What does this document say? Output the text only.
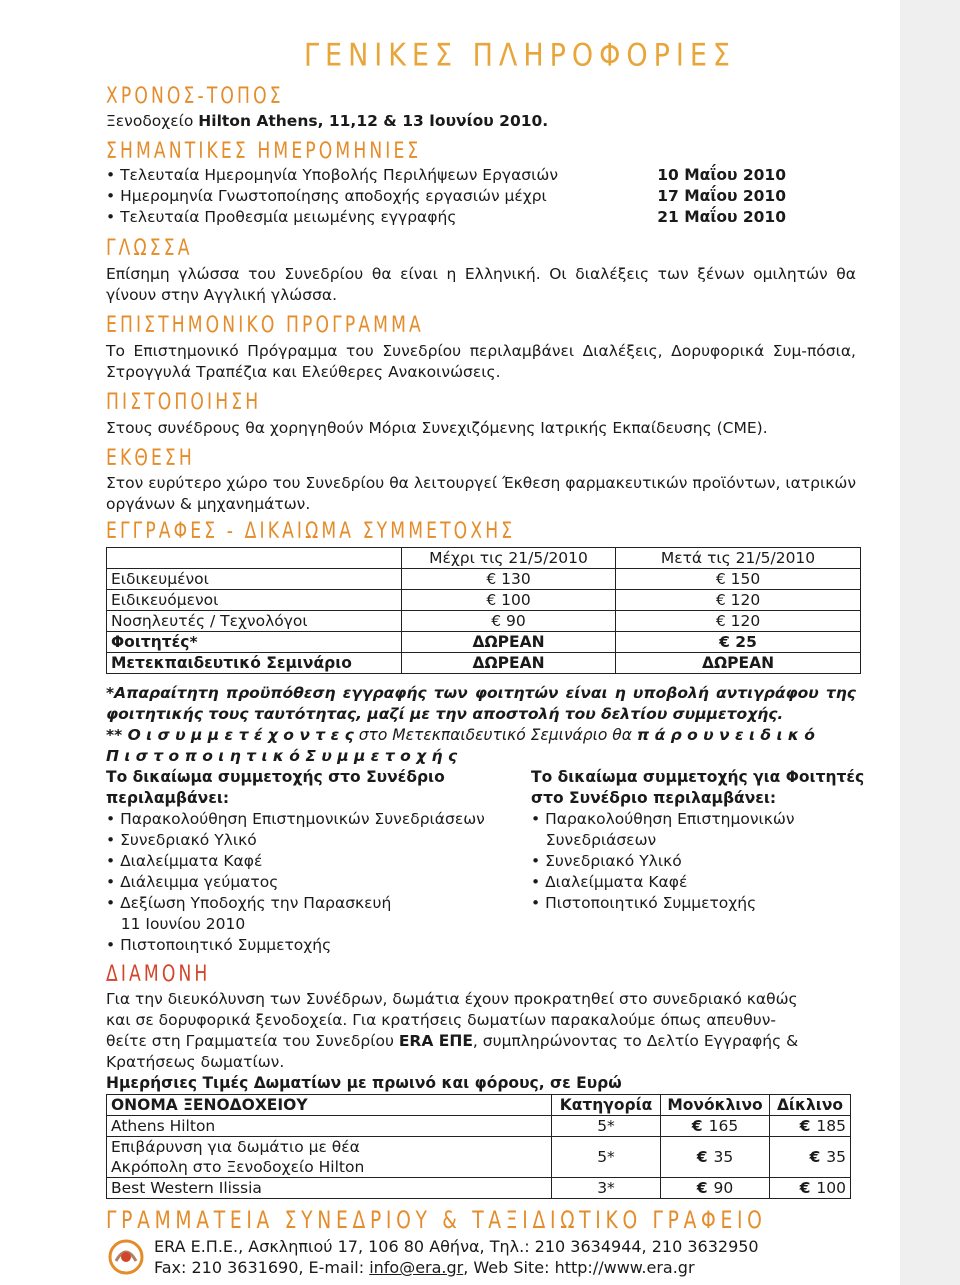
ΓΕΝΙΚΕΣ ΠΛΗΡΟΦΟΡΙΕΣ
ΧΡΟΝΟΣ-ΤΟΠΟΣ
Ξενοδοχείο Hilton Athens, 11,12 & 13 Ιουνίου 2010.
ΣΗΜΑΝΤΙΚΕΣ ΗΜΕΡΟΜΗΝΙΕΣ
• Τελευταία Ημερομηνία Υποβολής Περιλήψεων Εργασιών	10 Μαΐου 2010
• Ημερομηνία Γνωστοποίησης αποδοχής εργασιών μέχρι	17 Μαΐου 2010
• Τελευταία Προθεσμία μειωμένης εγγραφής	21 Μαΐου 2010
ΓΛΩΣΣΑ
Επίσημη γλώσσα του Συνεδρίου θα είναι η Ελληνική. Οι διαλέξεις των ξένων ομιλητών θα γίνουν στην Αγγλική γλώσσα.
ΕΠΙΣΤΗΜΟΝΙΚΟ ΠΡΟΓΡΑΜΜΑ
Το Επιστημονικό Πρόγραμμα του Συνεδρίου περιλαμβάνει Διαλέξεις, Δορυφορικά Συμ-πόσια, Στρογγυλά Τραπέζια και Ελεύθερες Ανακοινώσεις.
ΠΙΣΤΟΠΟΙΗΣΗ
Στους συνέδρους θα χορηγηθούν Μόρια Συνεχιζόμενης Ιατρικής Εκπαίδευσης (CME).
ΕΚΘΕΣΗ
Στον ευρύτερο χώρο του Συνεδρίου θα λειτουργεί Έκθεση φαρμακευτικών προϊόντων, ιατρικών οργάνων & μηχανημάτων.
ΕΓΓΡΑΦΕΣ - ΔΙΚΑΙΩΜΑ ΣΥΜΜΕΤΟΧΗΣ
	Μέχρι τις 21/5/2010	Μετά τις 21/5/2010
Ειδικευμένοι	€ 130	€ 150
Ειδικευόμενοι	€ 100	€ 120
Νοσηλευτές / Τεχνολόγοι	€ 90	€ 120
Φοιτητές*	ΔΩΡΕΑΝ	€ 25
Μετεκπαιδευτικό Σεμινάριο	ΔΩΡΕΑΝ	ΔΩΡΕΑΝ
*Απαραίτητη προϋπόθεση εγγραφής των φοιτητών είναι η υποβολή αντιγράφου της φοιτητικής τους ταυτότητας, μαζί με την αποστολή του δελτίου συμμετοχής.
** Ο ι σ υ μ μ ε τ έ χ ο ν τ ε ς στο Μετεκπαιδευτικό Σεμινάριο θα π ά ρ ο υ ν ε ι δ ι κ ό
Π ι σ τ ο π ο ι η τ ι κ ό Σ υ μ μ ε τ ο χ ή ς
Το δικαίωμα συμμετοχής στο Συνέδριο
περιλαμβάνει:
• Παρακολούθηση Επιστημονικών Συνεδριάσεων
• Συνεδριακό Υλικό
• Διαλείμματα Καφέ
• Διάλειμμα γεύματος
• Δεξίωση Υποδοχής την Παρασκευή
11 Ιουνίου 2010
• Πιστοποιητικό Συμμετοχής
Το δικαίωμα συμμετοχής για Φοιτητές
στο Συνέδριο περιλαμβάνει:
• Παρακολούθηση Επιστημονικών
Συνεδριάσεων
• Συνεδριακό Υλικό
• Διαλείμματα Καφέ
• Πιστοποιητικό Συμμετοχής
ΔΙΑΜΟΝΗ
Για την διευκόλυνση των Συνέδρων, δωμάτια έχουν προκρατηθεί στο συνεδριακό καθώς
και σε δορυφορικά ξενοδοχεία. Για κρατήσεις δωματίων παρακαλούμε όπως απευθυν-
θείτε στη Γραμματεία του Συνεδρίου ERA ΕΠΕ, συμπληρώνοντας το Δελτίο Εγγραφής &
Κρατήσεως δωματίων.
Ημερήσιες Τιμές Δωματίων με πρωινό και φόρους, σε Ευρώ
ΟΝΟΜΑ ΞΕΝΟΔΟΧΕΙΟΥ	Κατηγορία	Μονόκλινο	Δίκλινο
Athens Hilton	5*	€ 165	€ 185
Επιβάρυνση για δωμάτιο με θέα Ακρόπολη στο Ξενοδοχείο Hilton	5*	€ 35	€ 35
Best Western Ilissia	3*	€ 90	€ 100
ΓΡΑΜΜΑΤΕΙΑ ΣΥΝΕΔΡΙΟΥ & ΤΑΞΙΔΙΩΤΙΚΟ ΓΡΑΦΕΙΟ
ERA Ε.Π.Ε., Ασκληπιού 17, 106 80 Αθήνα, Τηλ.: 210 3634944, 210 3632950
Fax: 210 3631690, E-mail: info@era.gr, Web Site: http://www.era.gr
